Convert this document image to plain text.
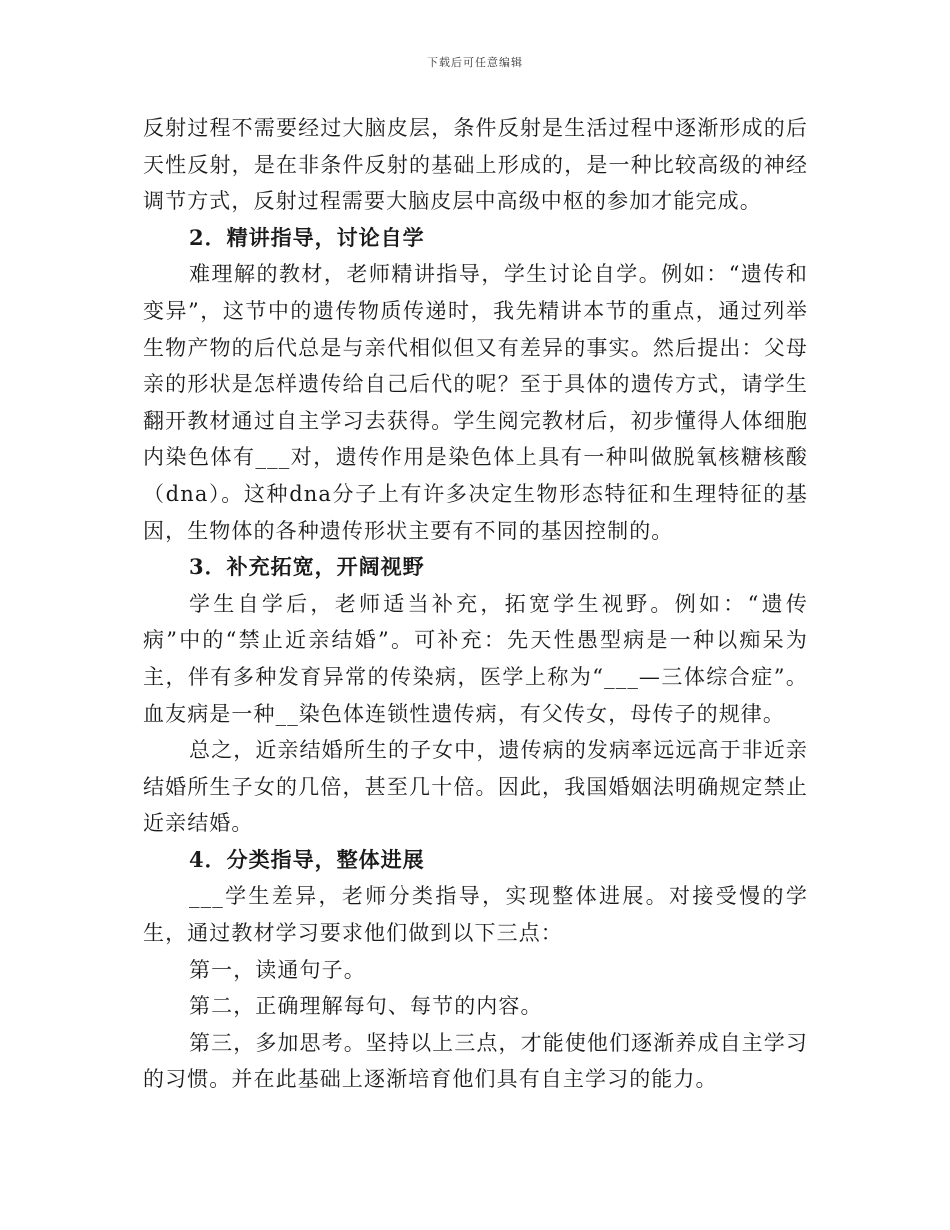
下载后可任意编辑

反射过程不需要经过大脑皮层，条件反射是生活过程中逐渐形成的后天性反射，是在非条件反射的基础上形成的，是一种比较高级的神经调节方式，反射过程需要大脑皮层中高级中枢的参加才能完成。

2．精讲指导，讨论自学

难理解的教材，老师精讲指导，学生讨论自学。例如：“遗传和变异”，这节中的遗传物质传递时，我先精讲本节的重点，通过列举生物产物的后代总是与亲代相似但又有差异的事实。然后提出：父母亲的形状是怎样遗传给自己后代的呢？至于具体的遗传方式，请学生翻开教材通过自主学习去获得。学生阅完教材后，初步懂得人体细胞内染色体有___对，遗传作用是染色体上具有一种叫做脱氧核糖核酸（dna）。这种dna分子上有许多决定生物形态特征和生理特征的基因，生物体的各种遗传形状主要有不同的基因控制的。

3．补充拓宽，开阔视野

学生自学后，老师适当补充，拓宽学生视野。例如：“遗传病”中的“禁止近亲结婚”。可补充：先天性愚型病是一种以痴呆为主，伴有多种发育异常的传染病，医学上称为“___—三体综合症”。血友病是一种__染色体连锁性遗传病，有父传女，母传子的规律。

总之，近亲结婚所生的子女中，遗传病的发病率远远高于非近亲结婚所生子女的几倍，甚至几十倍。因此，我国婚姻法明确规定禁止近亲结婚。

4．分类指导，整体进展

___学生差异，老师分类指导，实现整体进展。对接受慢的学生，通过教材学习要求他们做到以下三点：

第一，读通句子。

第二，正确理解每句、每节的内容。

第三，多加思考。坚持以上三点，才能使他们逐渐养成自主学习的习惯。并在此基础上逐渐培育他们具有自主学习的能力。
